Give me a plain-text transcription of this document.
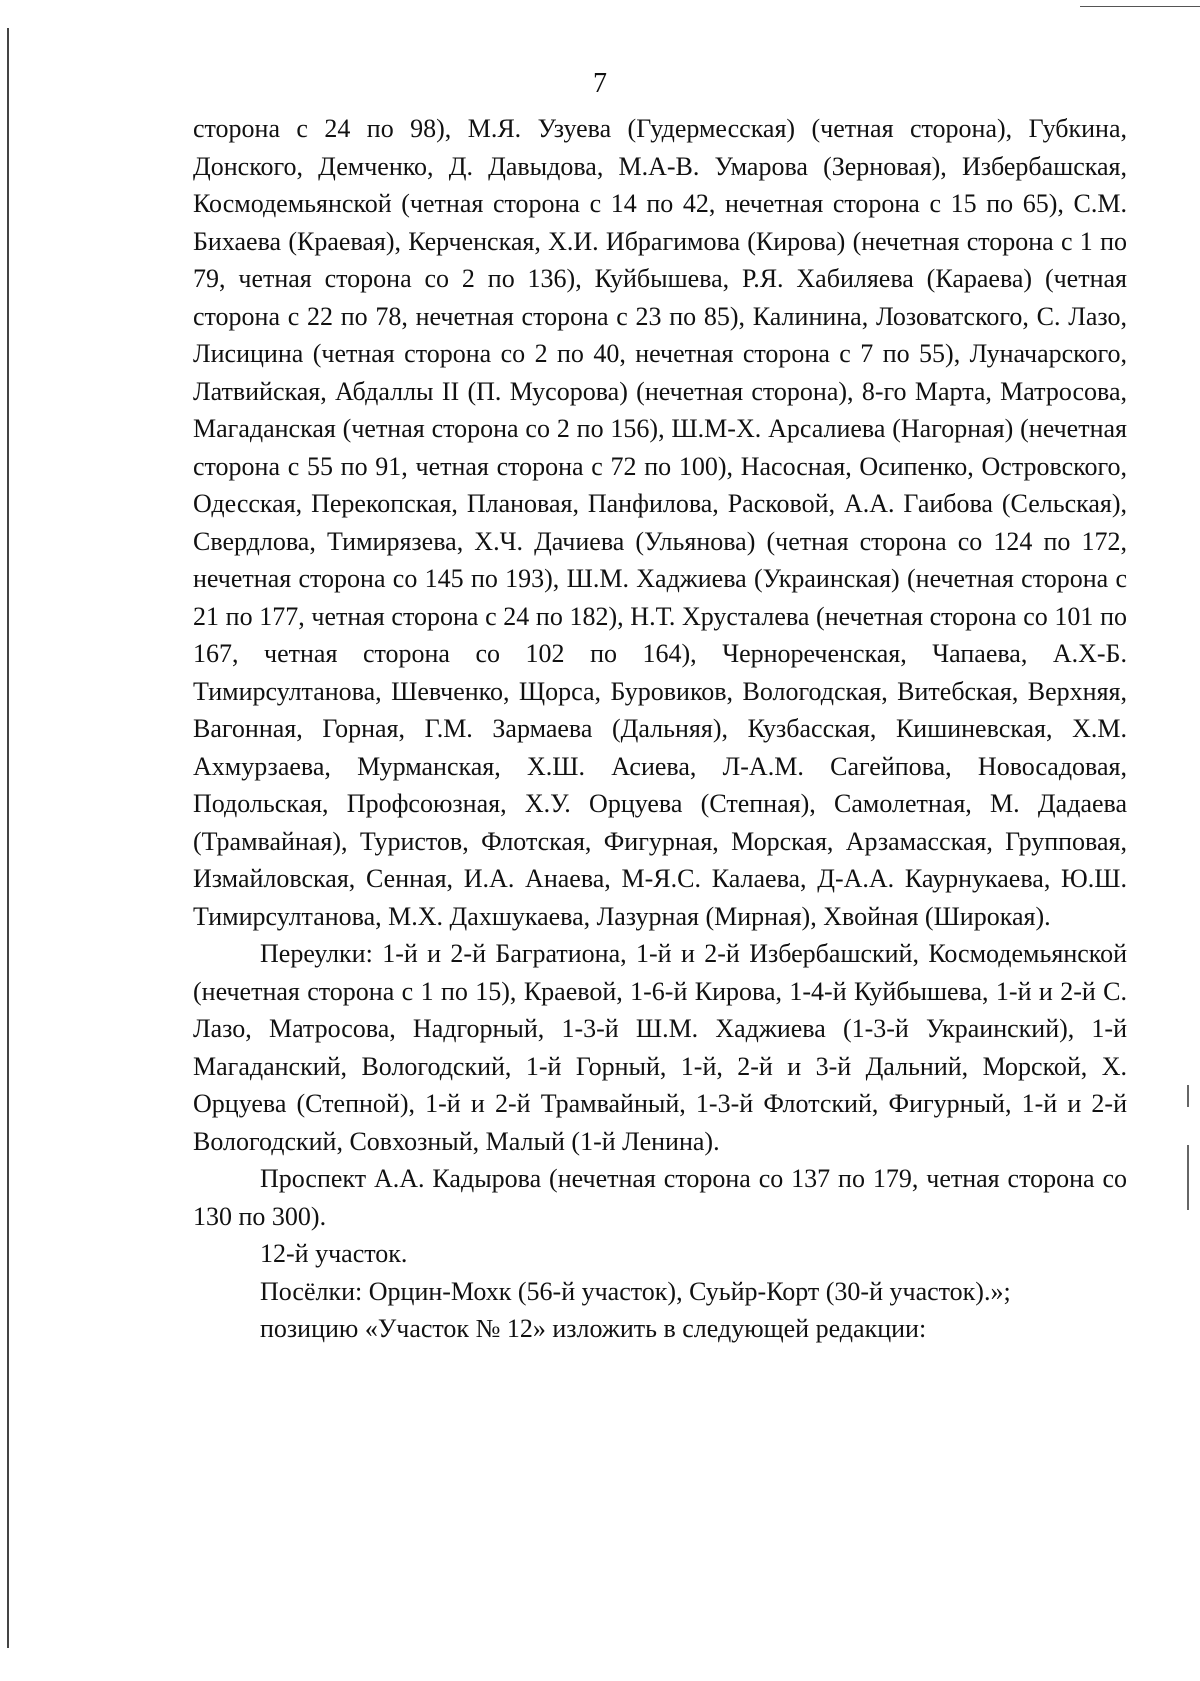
7

сторона с 24 по 98), М.Я. Узуева (Гудермесская) (четная сторона), Губкина, Донского, Демченко, Д. Давыдова, М.А-В. Умарова (Зерновая), Избербашская, Космодемьянской (четная сторона с 14 по 42, нечетная сторона с 15 по 65), С.М. Бихаева (Краевая), Керченская, Х.И. Ибрагимова (Кирова) (нечетная сторона с 1 по 79, четная сторона со 2 по 136), Куйбышева, Р.Я. Хабиляева (Караева) (четная сторона с 22 по 78, нечетная сторона с 23 по 85), Калинина, Лозоватского, С. Лазо, Лисицина (четная сторона со 2 по 40, нечетная сторона с 7 по 55), Луначарского, Латвийская, Абдаллы II (П. Мусорова) (нечетная сторона), 8-го Марта, Матросова, Магаданская (четная сторона со 2 по 156), Ш.М-Х. Арсалиева (Нагорная) (нечетная сторона с 55 по 91, четная сторона с 72 по 100), Насосная, Осипенко, Островского, Одесская, Перекопская, Плановая, Панфилова, Расковой, А.А. Гаибова (Сельская), Свердлова, Тимирязева, Х.Ч. Дачиева (Ульянова) (четная сторона со 124 по 172, нечетная сторона со 145 по 193), Ш.М. Хаджиева (Украинская) (нечетная сторона с 21 по 177, четная сторона с 24 по 182), Н.Т. Хрусталева (нечетная сторона со 101 по 167, четная сторона со 102 по 164), Чернореченская, Чапаева, А.Х-Б. Тимирсултанова, Шевченко, Щорса, Буровиков, Вологодская, Витебская, Верхняя, Вагонная, Горная, Г.М. Зармаева (Дальняя), Кузбасская, Кишиневская, Х.М. Ахмурзаева, Мурманская, Х.Ш. Асиева, Л-А.М. Сагейпова, Новосадовая, Подольская, Профсоюзная, Х.У. Орцуева (Степная), Самолетная, М. Дадаева (Трамвайная), Туристов, Флотская, Фигурная, Морская, Арзамасская, Групповая, Измайловская, Сенная, И.А. Анаева, М-Я.С. Калаева, Д-А.А. Каурнукаева, Ю.Ш. Тимирсултанова, М.Х. Дахшукаева, Лазурная (Мирная), Хвойная (Широкая).

Переулки: 1-й и 2-й Багратиона, 1-й и 2-й Избербашский, Космодемьянской (нечетная сторона с 1 по 15), Краевой, 1-6-й Кирова, 1-4-й Куйбышева, 1-й и 2-й С. Лазо, Матросова, Надгорный, 1-3-й Ш.М. Хаджиева (1-3-й Украинский), 1-й Магаданский, Вологодский, 1-й Горный, 1-й, 2-й и 3-й Дальний, Морской, Х. Орцуева (Степной), 1-й и 2-й Трамвайный, 1-3-й Флотский, Фигурный, 1-й и 2-й Вологодский, Совхозный, Малый (1-й Ленина).

Проспект А.А. Кадырова (нечетная сторона со 137 по 179, четная сторона со 130 по 300).

12-й участок.

Посёлки: Орцин-Мохк (56-й участок), Суьйр-Корт (30-й участок).»;

позицию «Участок № 12» изложить в следующей редакции:
